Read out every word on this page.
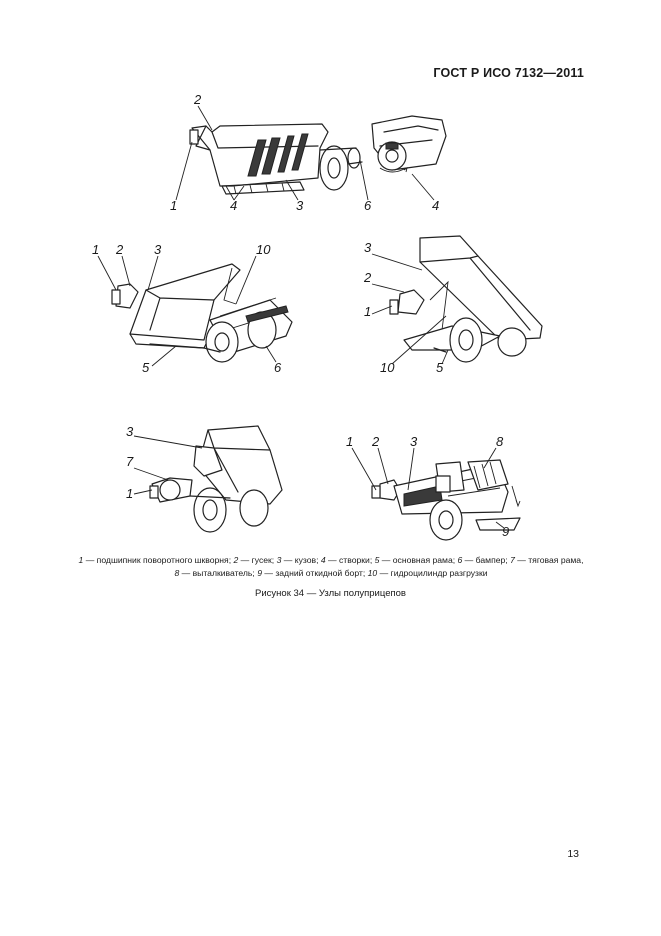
ГОСТ Р ИСО 7132—2011
2
1	4	3	6	4
1 2 3	10
5	6
3
2
1
10	5
3
7
1
1 2 3	8
9
1 — подшипник поворотного шкворня; 2 — гусек; 3 — кузов; 4 — створки; 5 — основная рама; 6 — бампер; 7 — тяговая рама,
8 — выталкиватель; 9 — задний откидной борт; 10 — гидроцилиндр разгрузки
Рисунок 34 — Узлы полуприцепов
13
